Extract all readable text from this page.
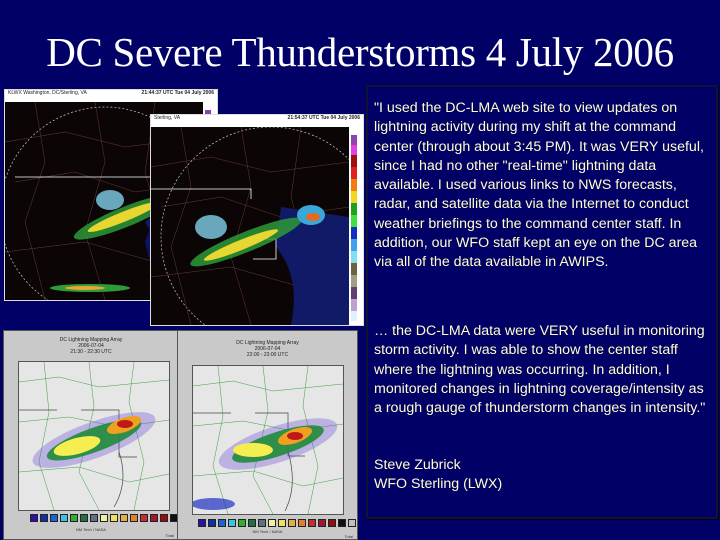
DC Severe Thunderstorms 4 July 2006
KLWX Washington, DC/Sterling, VA	21:44:37 UTC Tue 04 July 2006
Sterling, VA	21:54:37 UTC Tue 04 July 2006
DC Lightning Mapping Array
2006-07-04
21:30 - 22:30 UTC
NM Tech / NASA
Total
DC Lightning Mapping Array
2006-07-04
22:00 - 23:00 UTC
NM Tech / NASA
Total

"I used the DC-LMA web site to view updates on lightning activity during my shift at the command center (through about 3:45 PM). It was VERY useful, since I had no other "real-time" lightning data available. I used various links to NWS forecasts, radar, and satellite data via the Internet to conduct weather briefings to the command center staff. In addition, our WFO staff kept an eye on the DC area via all of the data available in AWIPS.

… the DC-LMA data were VERY useful in monitoring storm activity. I was able to show the center staff where the lightning was occurring. In addition, I monitored changes in lightning coverage/intensity as a rough gauge of thunderstorm changes in intensity."

Steve Zubrick

WFO Sterling (LWX)
